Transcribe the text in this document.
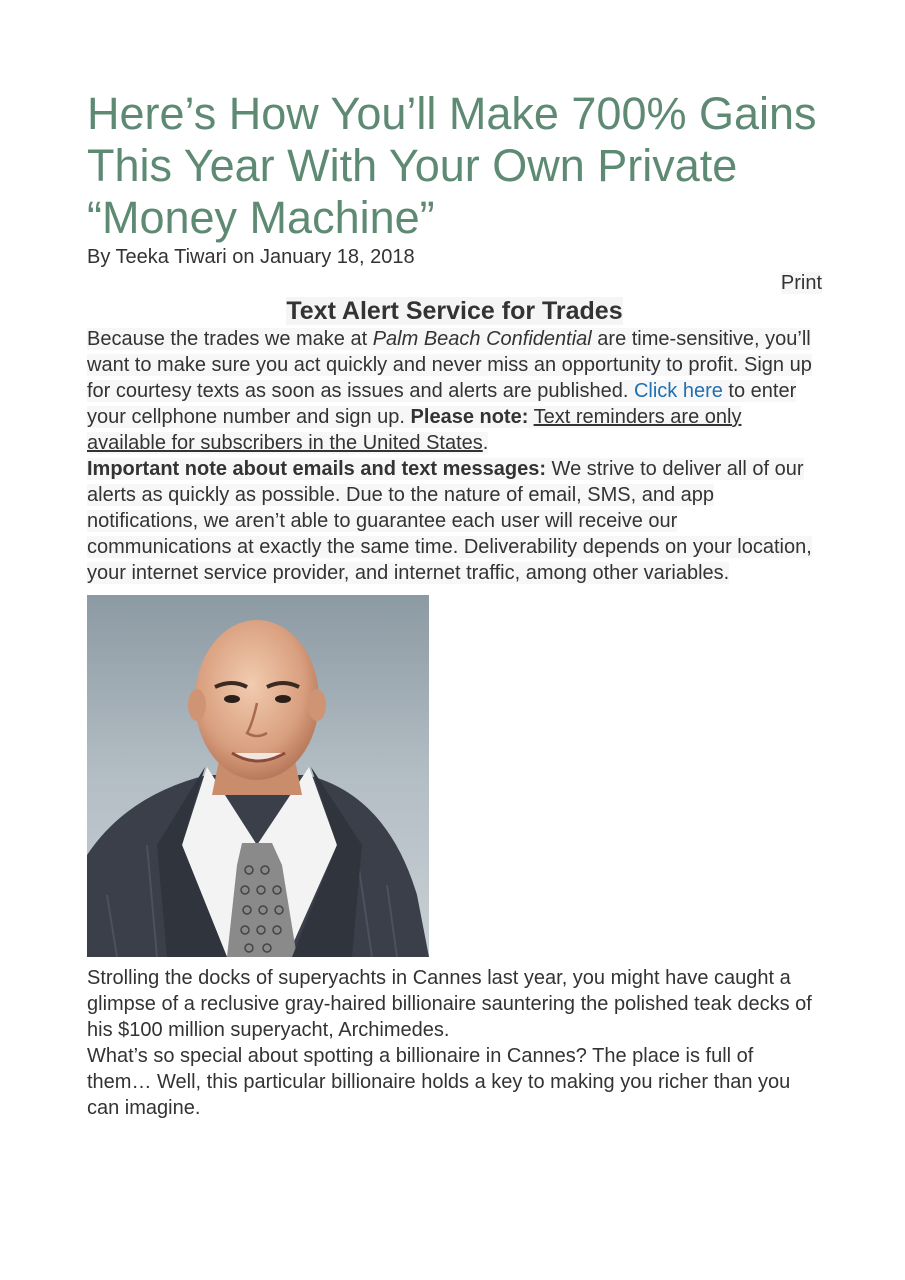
Here’s How You’ll Make 700% Gains This Year With Your Own Private “Money Machine”
By Teeka Tiwari on January 18, 2018
Print
Text Alert Service for Trades

Because the trades we make at Palm Beach Confidential are time-sensitive, you’ll want to make sure you act quickly and never miss an opportunity to profit. Sign up for courtesy texts as soon as issues and alerts are published. Click here to enter your cellphone number and sign up. Please note: Text reminders are only available for subscribers in the United States.

Important note about emails and text messages: We strive to deliver all of our alerts as quickly as possible. Due to the nature of email, SMS, and app notifications, we aren’t able to guarantee each user will receive our communications at exactly the same time. Deliverability depends on your location, your internet service provider, and internet traffic, among other variables.

Strolling the docks of superyachts in Cannes last year, you might have caught a glimpse of a reclusive gray-haired billionaire sauntering the polished teak decks of his $100 million superyacht, Archimedes.

What’s so special about spotting a billionaire in Cannes? The place is full of them… Well, this particular billionaire holds a key to making you richer than you can imagine.
